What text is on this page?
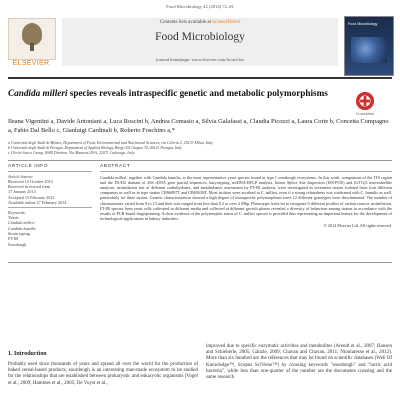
Food Microbiology 42 (2014) 72–81
ELSEVIER
Contents lists available at ScienceDirect
Food Microbiology
journal homepage: www.elsevier.com/locate/fm
Food Microbiology
Candida milleri species reveals intraspecific genetic and metabolic polymorphisms
CrossMark
Ileana Vigentini a, Davide Antoniani a, Luca Roscini b, Andrea Comasio a, Silvia Galafassi a, Claudia Picozzi a, Laura Corte b, Concetta Compagno a, Fabio Dal Bello c, Gianluigi Cardinali b, Roberto Foschino a,*
a Università degli Studi di Milano, Department of Food, Environmental and Nutritional Sciences, via Celoria 2, 20133 Milan, Italy
b Università degli Studi di Perugia, Department of Applied Biology, Borgo XX Giugno 74, 06121 Perugia, Italy
c Clerici-Sacco Group, 8049 Division, Via Manzoni 29/A, 22071 Cadorago, Italy
ARTICLE INFO
Article history:
Received 14 October 2013
Received in revised form
17 January 2014
Accepted 15 February 2014
Available online 27 February 2014
Keywords:
Yeasts
Candida milleri
Candida humilis
Strain typing
FT-IR
Sourdough
ABSTRACT
Candida milleri, together with Candida humilis, is the most representative yeast species found in type I sourdough ecosystems. In this work, comparison of the ITS region and the D1/D2 domain of 26S rDNA gene partial sequences, karyotyping, mtDNA-RFLP analysis, Intron Splice Site dispersion (ISS-PCR) and (GTG)5 microsatellite analyses, assimilation test of different carbohydrates, and metabolomic assessment by FT-IR analysis, were investigated in seventeen strains isolated from four different companies as well as in type strains CBS6897T and CBS5658T. Most isolates were ascribed to C. milleri, even if a strong relatedness was confirmed with C. humilis as well, particularly for three strains. Genetic characterization showed a high degree of intraspecific polymorphism since 12 different genotypes were discriminated. The number of chromosomes varied from 9 to 13 and their size ranged from less than 0.3 to over 2 Mbp. Phenotypic traits let to recognize 9 different profiles of carbon sources assimilation. FT-IR spectra from yeast cells cultivated in different media and collected at different growth phases revealed a diversity of behaviour among strains in accordance with the results of PCR-based fingerprinting. A clear evidence of the polymorphic status of C. milleri species is provided thus representing an important feature for the development of technological applications in bakery industries.
© 2014 Elsevier Ltd. All rights reserved.
1. Introduction
Probably used since thousands of years and spread all over the world for the production of baked cereal-based products, sourdough is an interesting man-made ecosystem to be studied for the relationships that are established between prokaryotic and eukaryotic organisms (Vogel et al., 2009; Hammes et al., 2005; De Vuyst et al.,
improved due to specific enzymatic activities and metabolites (Arendt et al., 2007; Hansen and Schieberle, 2005; Gänzle, 2009; Chavan and Chavan, 2011; Nionlaresse et al., 2012). More than six hundred are the references that may be found on scientific databases (Web Of Knowledge™, Scopus SciVerse™) by crossing keywords "sourdough" and "lactic acid bacteria", while less than one-quarter of the number are the documents crossing and the same research
